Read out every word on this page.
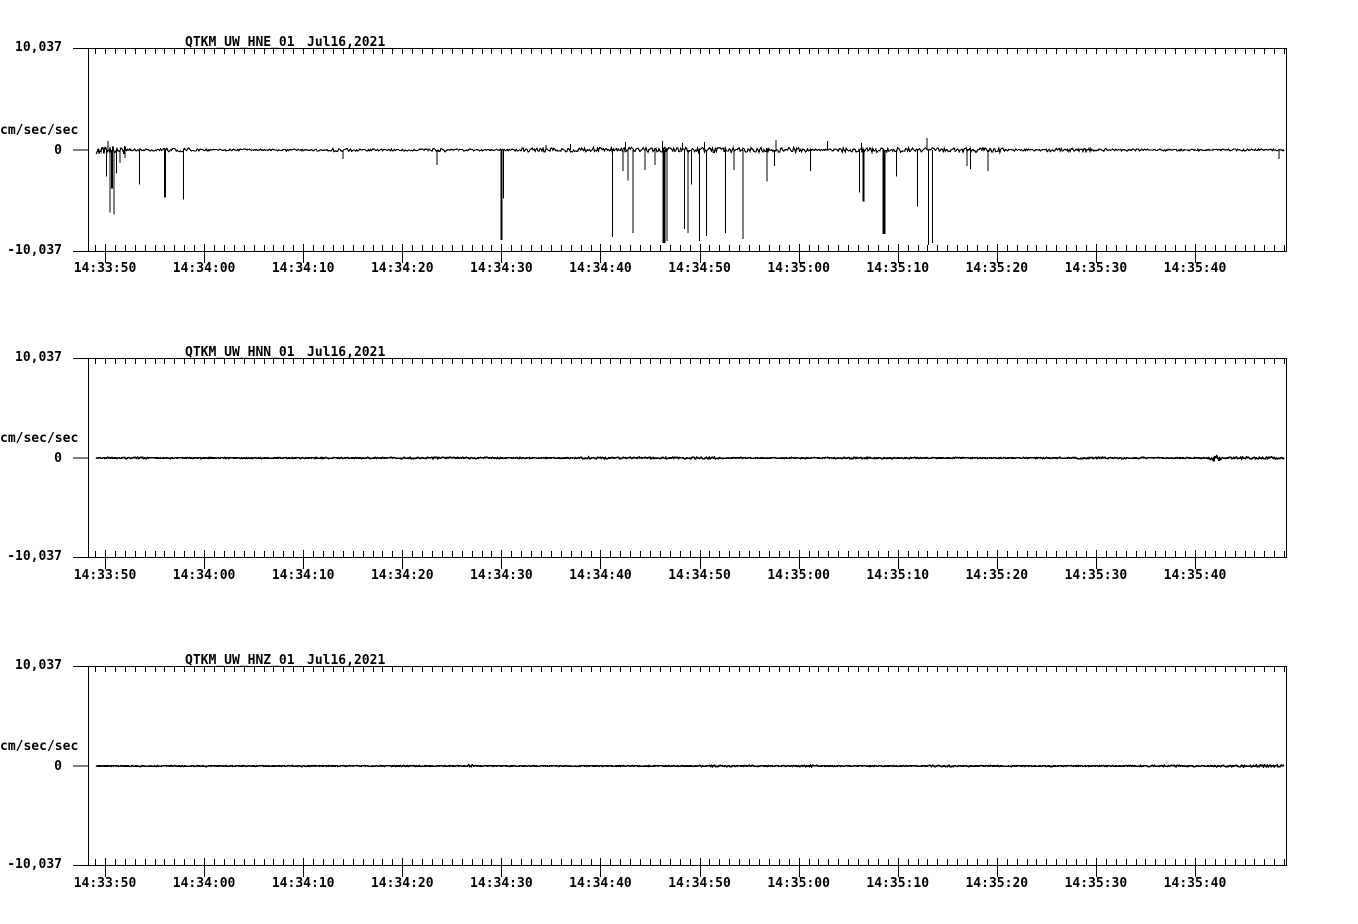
QTKM_UW_HNE_01 Jul16,2021
10,037
cm/sec/sec
0
-10,037
14:33:50	14:34:00	14:34:10	14:34:20	14:34:30	14:34:40	14:34:50	14:35:00	14:35:10	14:35:20	14:35:30	14:35:40
QTKM_UW_HNN_01 Jul16,2021
10,037
cm/sec/sec
0
-10,037
14:33:50	14:34:00	14:34:10	14:34:20	14:34:30	14:34:40	14:34:50	14:35:00	14:35:10	14:35:20	14:35:30	14:35:40
QTKM_UW_HNZ_01 Jul16,2021
10,037
cm/sec/sec
0
-10,037
14:33:50	14:34:00	14:34:10	14:34:20	14:34:30	14:34:40	14:34:50	14:35:00	14:35:10	14:35:20	14:35:30	14:35:40
